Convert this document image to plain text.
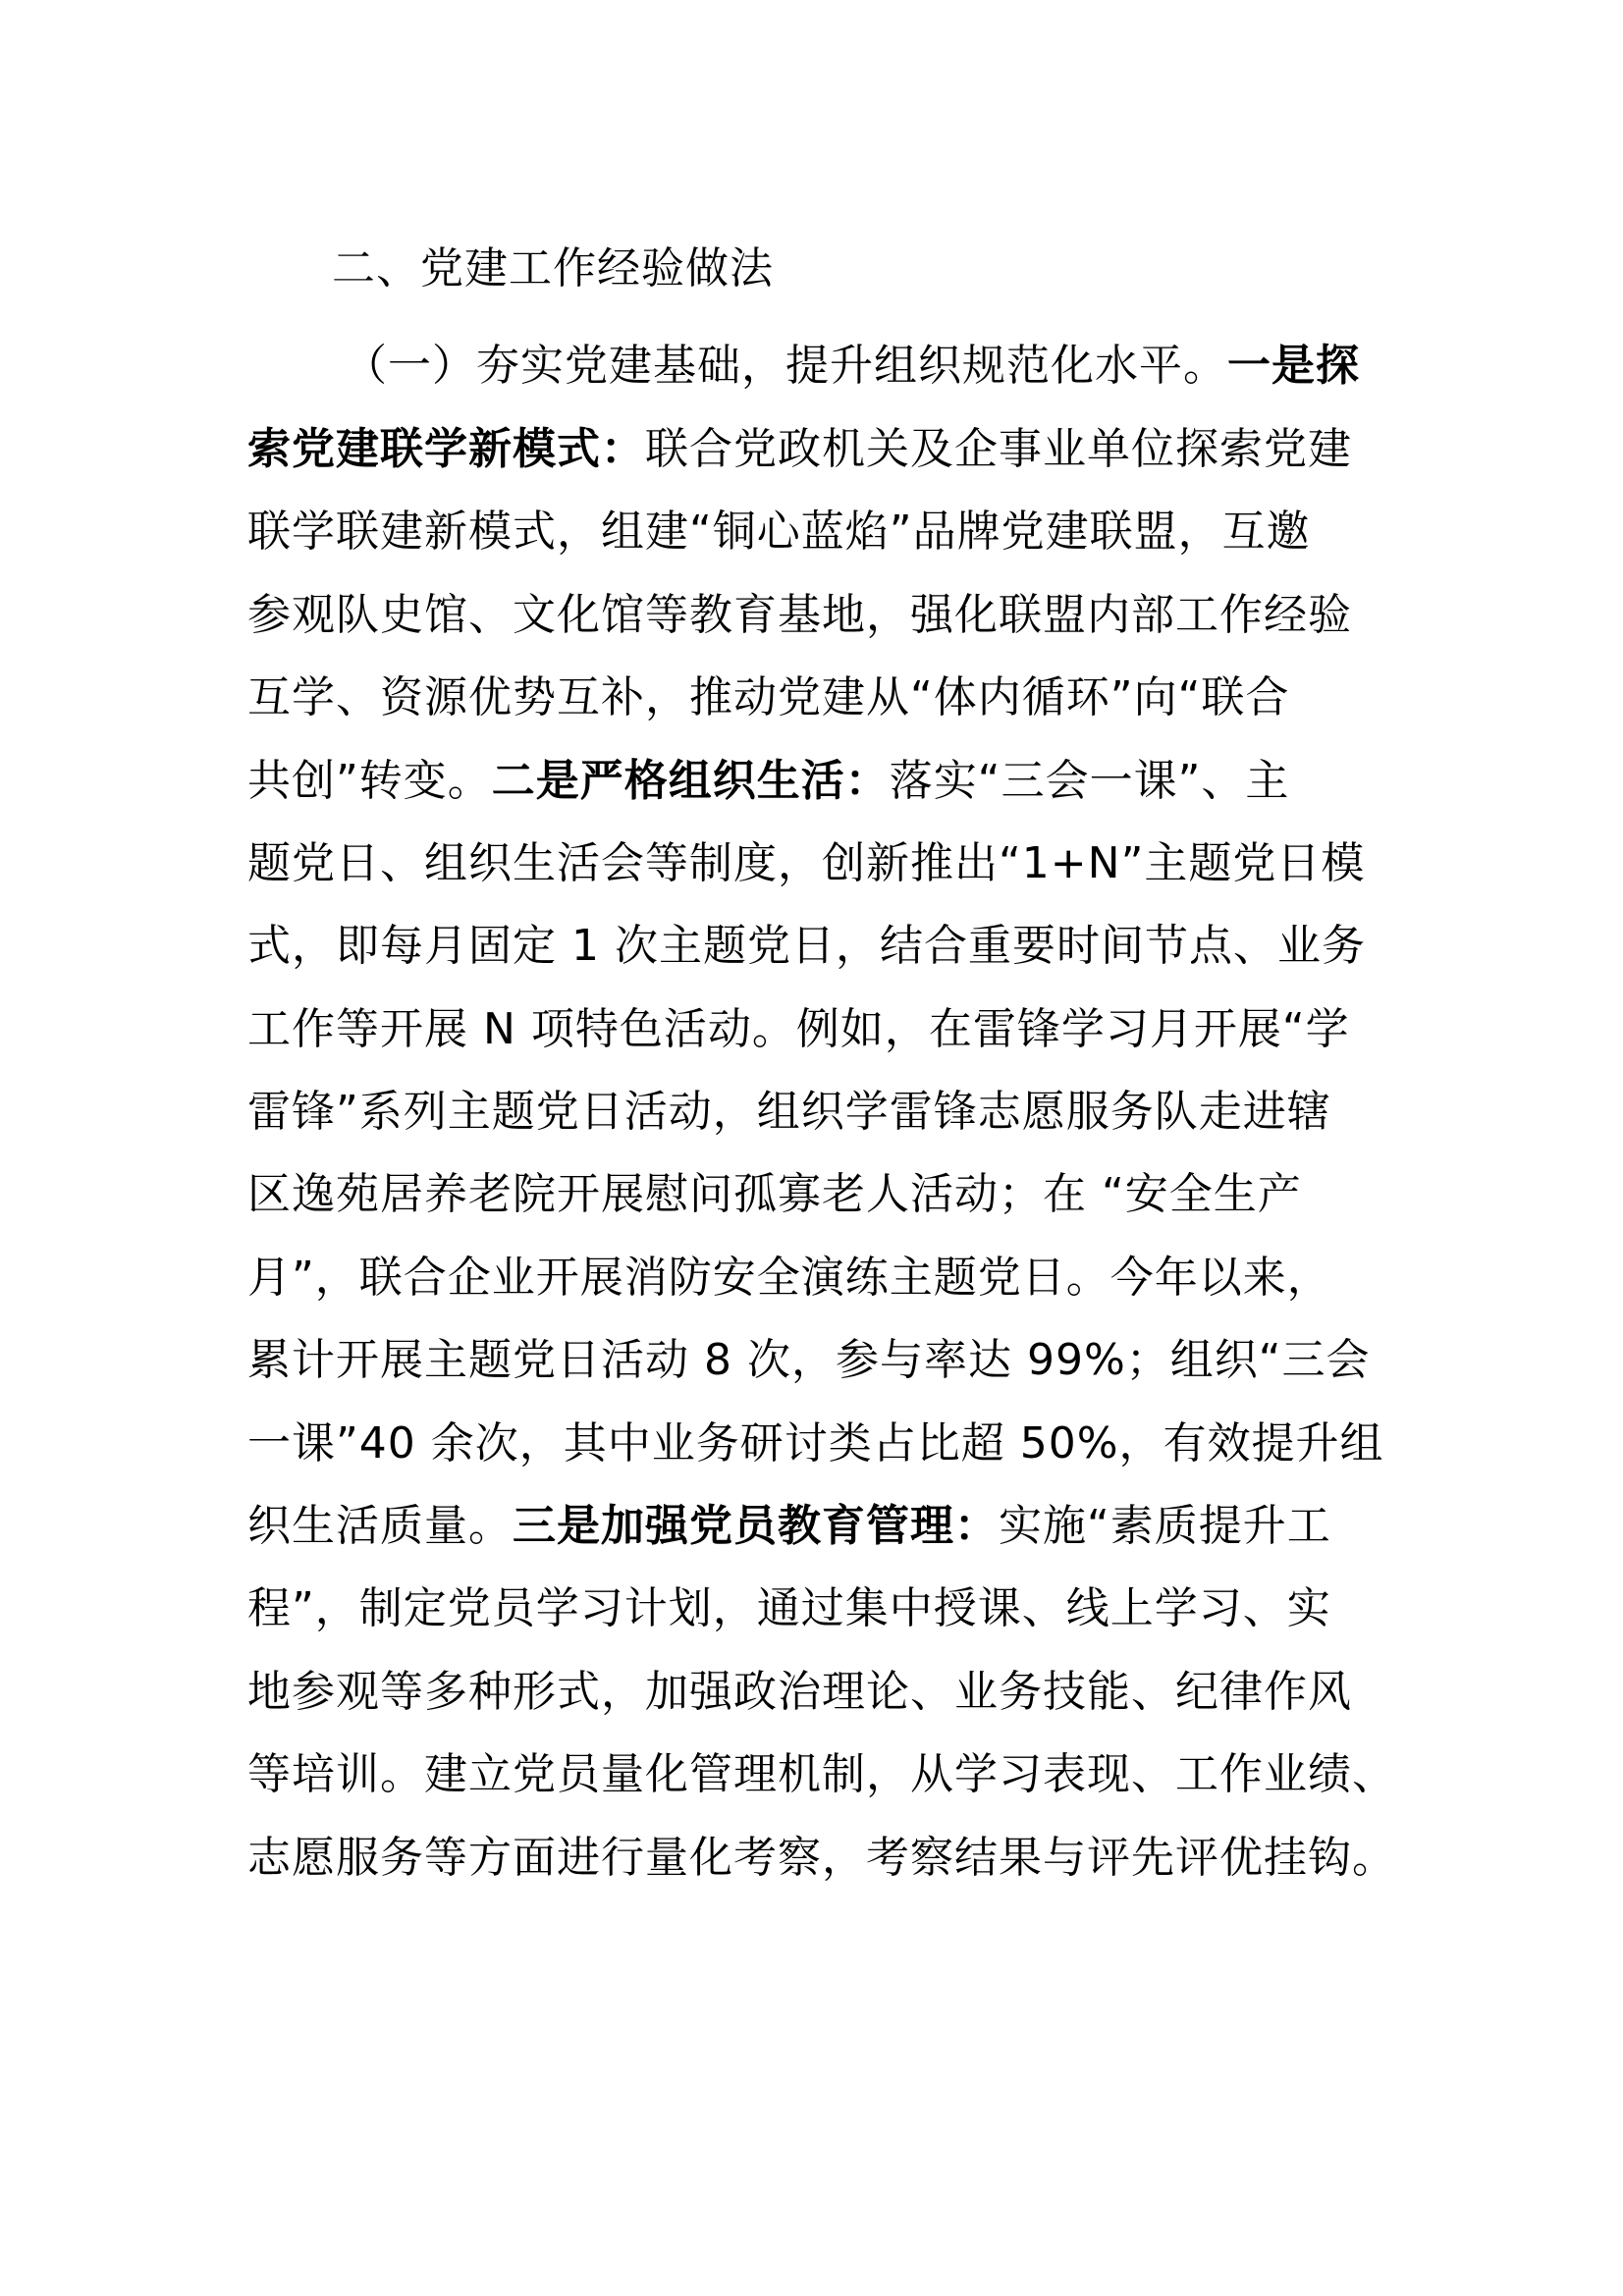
二、党建工作经验做法
（一）夯实党建基础，提升组织规范化水平。一是探
索党建联学新模式：联合党政机关及企事业单位探索党建
联学联建新模式，组建“铜心蓝焰”品牌党建联盟，互邀
参观队史馆、文化馆等教育基地，强化联盟内部工作经验
互学、资源优势互补，推动党建从“体内循环”向“联合
共创”转变。二是严格组织生活：落实“三会一课”、主
题党日、组织生活会等制度，创新推出“1+N”主题党日模
式，即每月固定 1 次主题党日，结合重要时间节点、业务
工作等开展 N 项特色活动。例如，在雷锋学习月开展“学
雷锋”系列主题党日活动，组织学雷锋志愿服务队走进辖
区逸苑居养老院开展慰问孤寡老人活动；在 “安全生产
月”，联合企业开展消防安全演练主题党日。今年以来，
累计开展主题党日活动 8 次，参与率达 99%；组织“三会
一课”40 余次，其中业务研讨类占比超 50%，有效提升组
织生活质量。三是加强党员教育管理：实施“素质提升工
程”，制定党员学习计划，通过集中授课、线上学习、实
地参观等多种形式，加强政治理论、业务技能、纪律作风
等培训。建立党员量化管理机制，从学习表现、工作业绩、
志愿服务等方面进行量化考察，考察结果与评先评优挂钩。
